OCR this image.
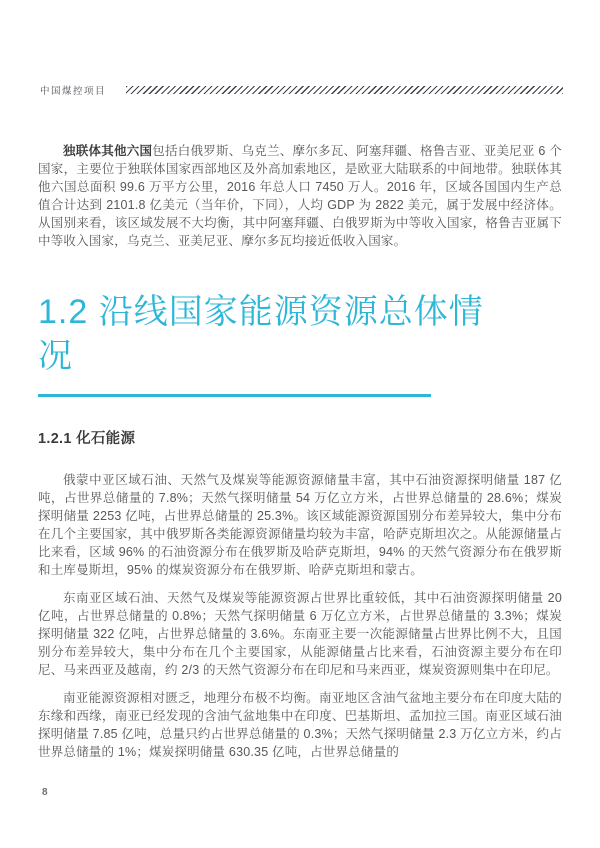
中国煤控项目

独联体其他六国包括白俄罗斯、乌克兰、摩尔多瓦、阿塞拜疆、格鲁吉亚、亚美尼亚 6 个国家，主要位于独联体国家西部地区及外高加索地区，是欧亚大陆联系的中间地带。独联体其他六国总面积 99.6 万平方公里，2016 年总人口 7450 万人。2016 年，区域各国国内生产总值合计达到 2101.8 亿美元（当年价，下同），人均 GDP 为 2822 美元，属于发展中经济体。从国别来看，该区域发展不大均衡，其中阿塞拜疆、白俄罗斯为中等收入国家，格鲁吉亚属下中等收入国家，乌克兰、亚美尼亚、摩尔多瓦均接近低收入国家。

1.2 沿线国家能源资源总体情况
1.2.1 化石能源

俄蒙中亚区域石油、天然气及煤炭等能源资源储量丰富，其中石油资源探明储量 187 亿吨，占世界总储量的 7.8%；天然气探明储量 54 万亿立方米，占世界总储量的 28.6%；煤炭探明储量 2253 亿吨，占世界总储量的 25.3%。该区域能源资源国别分布差异较大，集中分布在几个主要国家，其中俄罗斯各类能源资源储量均较为丰富，哈萨克斯坦次之。从能源储量占比来看，区域 96% 的石油资源分布在俄罗斯及哈萨克斯坦，94% 的天然气资源分布在俄罗斯和土库曼斯坦，95% 的煤炭资源分布在俄罗斯、哈萨克斯坦和蒙古。

东南亚区域石油、天然气及煤炭等能源资源占世界比重较低，其中石油资源探明储量 20 亿吨，占世界总储量的 0.8%；天然气探明储量 6 万亿立方米，占世界总储量的 3.3%；煤炭探明储量 322 亿吨，占世界总储量的 3.6%。东南亚主要一次能源储量占世界比例不大，且国别分布差异较大，集中分布在几个主要国家，从能源储量占比来看，石油资源主要分布在印尼、马来西亚及越南，约 2/3 的天然气资源分布在印尼和马来西亚，煤炭资源则集中在印尼。

南亚能源资源相对匮乏，地理分布极不均衡。南亚地区含油气盆地主要分布在印度大陆的东缘和西缘，南亚已经发现的含油气盆地集中在印度、巴基斯坦、孟加拉三国。南亚区域石油探明储量 7.85 亿吨，总量只约占世界总储量的 0.3%；天然气探明储量 2.3 万亿立方米，约占世界总储量的 1%；煤炭探明储量 630.35 亿吨，占世界总储量的

8
